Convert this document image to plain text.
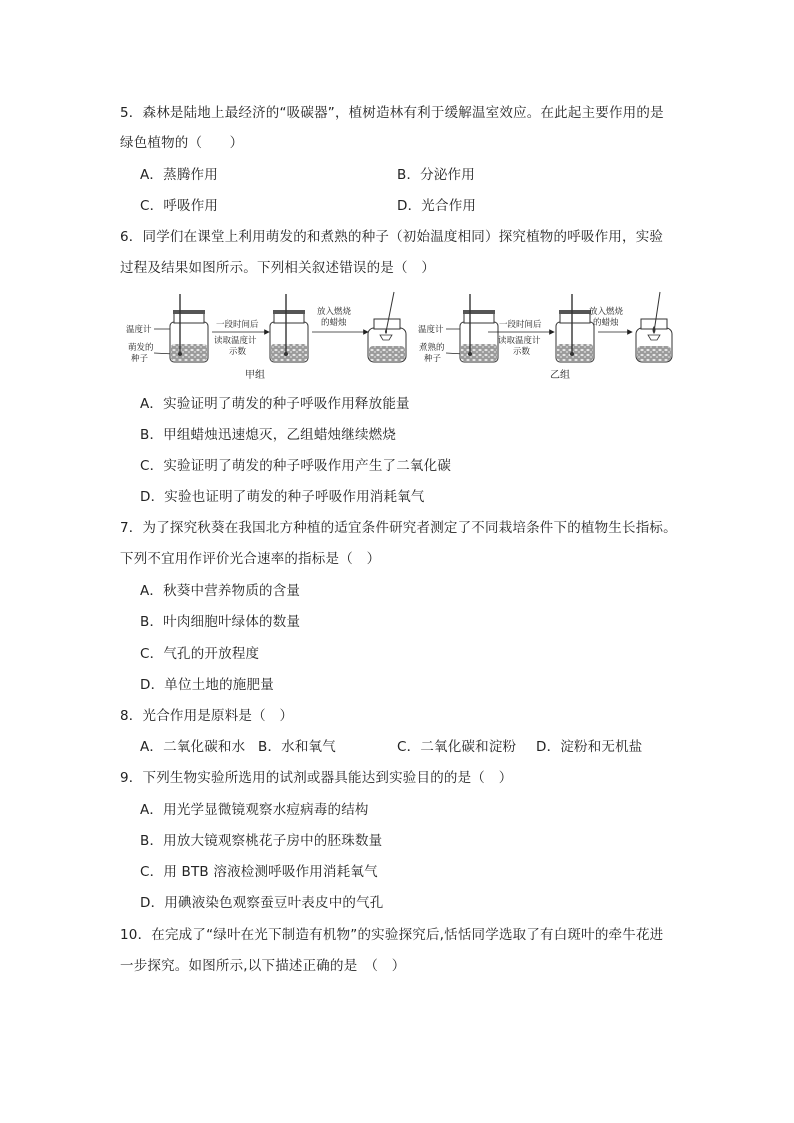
5．森林是陆地上最经济的“吸碳器”，植树造林有利于缓解温室效应。在此起主要作用的是
绿色植物的（　　）
A．蒸腾作用	B．分泌作用
C．呼吸作用	D．光合作用
6．同学们在课堂上利用萌发的和煮熟的种子（初始温度相同）探究植物的呼吸作用，实验
过程及结果如图所示。下列相关叙述错误的是（　）
温度计
萌发的
种子
一段时间后
读取温度计
示数
放入燃烧
的蜡烛
甲组
温度计
煮熟的
种子
一段时间后
读取温度计
示数
放入燃烧
的蜡烛
乙组
A．实验证明了萌发的种子呼吸作用释放能量
B．甲组蜡烛迅速熄灭，乙组蜡烛继续燃烧
C．实验证明了萌发的种子呼吸作用产生了二氧化碳
D．实验也证明了萌发的种子呼吸作用消耗氧气
7．为了探究秋葵在我国北方种植的适宜条件研究者测定了不同栽培条件下的植物生长指标。
下列不宜用作评价光合速率的指标是（　）
A．秋葵中营养物质的含量
B．叶肉细胞叶绿体的数量
C．气孔的开放程度
D．单位土地的施肥量
8．光合作用是原料是（　）
A．二氧化碳和水 B．水和氧气	C．二氧化碳和淀粉 D．淀粉和无机盐
9．下列生物实验所选用的试剂或器具能达到实验目的的是（　）
A．用光学显微镜观察水痘病毒的结构
B．用放大镜观察桃花子房中的胚珠数量
C．用 BTB 溶液检测呼吸作用消耗氧气
D．用碘液染色观察蚕豆叶表皮中的气孔
10．在完成了“绿叶在光下制造有机物”的实验探究后,恬恬同学选取了有白斑叶的牵牛花进
一步探究。如图所示,以下描述正确的是　（　）
